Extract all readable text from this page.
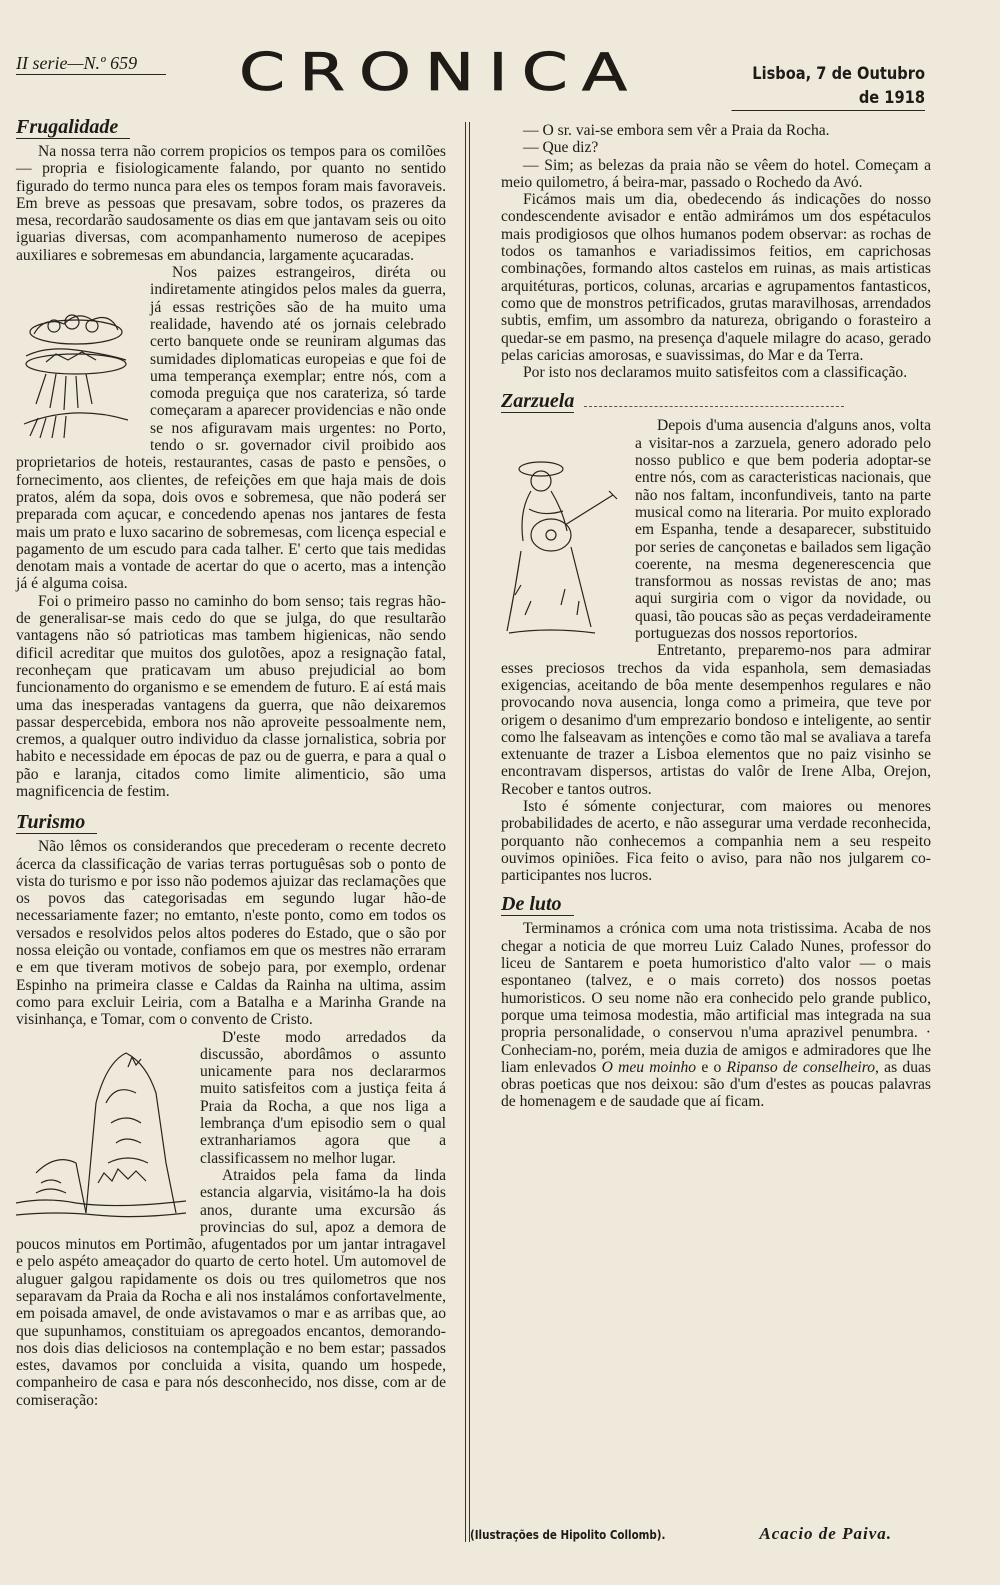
II serie—N.º 659	CRONICA	Lisboa, 7 de Outubro de 1918
Frugalidade

Na nossa terra não correm propicios os tempos para os comilões — propria e fisiologicamente falando, por quanto no sentido figurado do termo nunca para eles os tempos foram mais favoraveis. Em breve as pessoas que presavam, sobre todos, os prazeres da mesa, recordarão saudosamente os dias em que jantavam seis ou oito iguarias diversas, com acompanhamento numeroso de acepipes auxiliares e sobremesas em abundancia, largamente açucaradas.

Nos paizes estrangeiros, diréta ou indiretamente atingidos pelos males da guerra, já essas restrições são de ha muito uma realidade, havendo até os jornais celebrado certo banquete onde se reuniram algumas das sumidades diplomaticas europeias e que foi de uma temperança exemplar; entre nós, com a comoda preguiça que nos carateriza, só tarde começaram a aparecer providencias e não onde se nos afiguravam mais urgentes: no Porto, tendo o sr. governador civil proibido aos proprietarios de hoteis, restaurantes, casas de pasto e pensões, o fornecimento, aos clientes, de refeições em que haja mais de dois pratos, além da sopa, dois ovos e sobremesa, que não poderá ser preparada com açucar, e concedendo apenas nos jantares de festa mais um prato e luxo sacarino de sobremesas, com licença especial e pagamento de um escudo para cada talher. E' certo que tais medidas denotam mais a vontade de acertar do que o acerto, mas a intenção já é alguma coisa.

Foi o primeiro passo no caminho do bom senso; tais regras hão-de generalisar-se mais cedo do que se julga, do que resultarão vantagens não só patrioticas mas tambem higienicas, não sendo dificil acreditar que muitos dos gulotões, apoz a resignação fatal, reconheçam que praticavam um abuso prejudicial ao bom funcionamento do organismo e se emendem de futuro. E aí está mais uma das inesperadas vantagens da guerra, que não deixaremos passar despercebida, embora nos não aproveite pessoalmente nem, cremos, a qualquer outro individuo da classe jornalistica, sobria por habito e necessidade em épocas de paz ou de guerra, e para a qual o pão e laranja, citados como limite alimenticio, são uma magnificencia de festim.

Turismo

Não lêmos os considerandos que precederam o recente decreto ácerca da classificação de varias terras portuguêsas sob o ponto de vista do turismo e por isso não podemos ajuizar das reclamações que os povos das categorisadas em segundo lugar hão-de necessariamente fazer; no emtanto, n'este ponto, como em todos os versados e resolvidos pelos altos poderes do Estado, que o são por nossa eleição ou vontade, confiamos em que os mestres não erraram e em que tiveram motivos de sobejo para, por exemplo, ordenar Espinho na primeira classe e Caldas da Rainha na ultima, assim como para excluir Leiria, com a Batalha e a Marinha Grande na visinhança, e Tomar, com o convento de Cristo.

D'este modo arredados da discussão, abordâmos o assunto unicamente para nos declararmos muito satisfeitos com a justiça feita á Praia da Rocha, a que nos liga a lembrança d'um episodio sem o qual extranhariamos agora que a classificassem no melhor lugar.

Atraidos pela fama da linda estancia algarvia, visitámo-la ha dois anos, durante uma excursão ás provincias do sul, apoz a demora de poucos minutos em Portimão, afugentados por um jantar intragavel e pelo aspéto ameaçador do quarto de certo hotel. Um automovel de aluguer galgou rapidamente os dois ou tres quilometros que nos separavam da Praia da Rocha e ali nos instalámos confortavelmente, em poisada amavel, de onde avistavamos o mar e as arribas que, ao que supunhamos, constituiam os apregoados encantos, demorando-nos dois dias deliciosos na contemplação e no bem estar; passados estes, davamos por concluida a visita, quando um hospede, companheiro de casa e para nós desconhecido, nos disse, com ar de comiseração:

— O sr. vai-se embora sem vêr a Praia da Rocha.

— Que diz?

— Sim; as belezas da praia não se vêem do hotel. Começam a meio quilometro, á beira-mar, passado o Rochedo da Avó.

Ficámos mais um dia, obedecendo ás indicações do nosso condescendente avisador e então admirámos um dos espétaculos mais prodigiosos que olhos humanos podem observar: as rochas de todos os tamanhos e variadissimos feitios, em caprichosas combinações, formando altos castelos em ruinas, as mais artisticas arquitéturas, porticos, colunas, arcarias e agrupamentos fantasticos, como que de monstros petrificados, grutas maravilhosas, arrendados subtis, emfim, um assombro da natureza, obrigando o forasteiro a quedar-se em pasmo, na presença d'aquele milagre do acaso, gerado pelas caricias amorosas, e suavissimas, do Mar e da Terra.

Por isto nos declaramos muito satisfeitos com a classificação.

Zarzuela

Depois d'uma ausencia d'alguns anos, volta a visitar-nos a zarzuela, genero adorado pelo nosso publico e que bem poderia adoptar-se entre nós, com as caracteristicas nacionais, que não nos faltam, inconfundiveis, tanto na parte musical como na literaria. Por muito explorado em Espanha, tende a desaparecer, substituido por series de cançonetas e bailados sem ligação coerente, na mesma degenerescencia que transformou as nossas revistas de ano; mas aqui surgiria com o vigor da novidade, ou quasi, tão poucas são as peças verdadeiramente portuguezas dos nossos reportorios.

Entretanto, preparemo-nos para admirar esses preciosos trechos da vida espanhola, sem demasiadas exigencias, aceitando de bôa mente desempenhos regulares e não provocando nova ausencia, longa como a primeira, que teve por origem o desanimo d'um emprezario bondoso e inteligente, ao sentir como lhe falseavam as intenções e como tão mal se avaliava a tarefa extenuante de trazer a Lisboa elementos que no paiz visinho se encontravam dispersos, artistas do valôr de Irene Alba, Orejon, Recober e tantos outros.

Isto é sómente conjecturar, com maiores ou menores probabilidades de acerto, e não assegurar uma verdade reconhecida, porquanto não conhecemos a companhia nem a seu respeito ouvimos opiniões. Fica feito o aviso, para não nos julgarem co-participantes nos lucros.

De luto

Terminamos a crónica com uma nota tristissima. Acaba de nos chegar a noticia de que morreu Luiz Calado Nunes, professor do liceu de Santarem e poeta humoristico d'alto valor — o mais espontaneo (talvez, e o mais correto) dos nossos poetas humoristicos. O seu nome não era conhecido pelo grande publico, porque uma teimosa modestia, mão artificial mas integrada na sua propria personalidade, o conservou n'uma aprazivel penumbra. · Conheciam-no, porém, meia duzia de amigos e admiradores que lhe liam enlevados O meu moinho e o Ripanso de conselheiro, as duas obras poeticas que nos deixou: são d'um d'estes as poucas palavras de homenagem e de saudade que aí ficam.

(Ilustrações de Hipolito Collomb).	Acacio de Paiva.
